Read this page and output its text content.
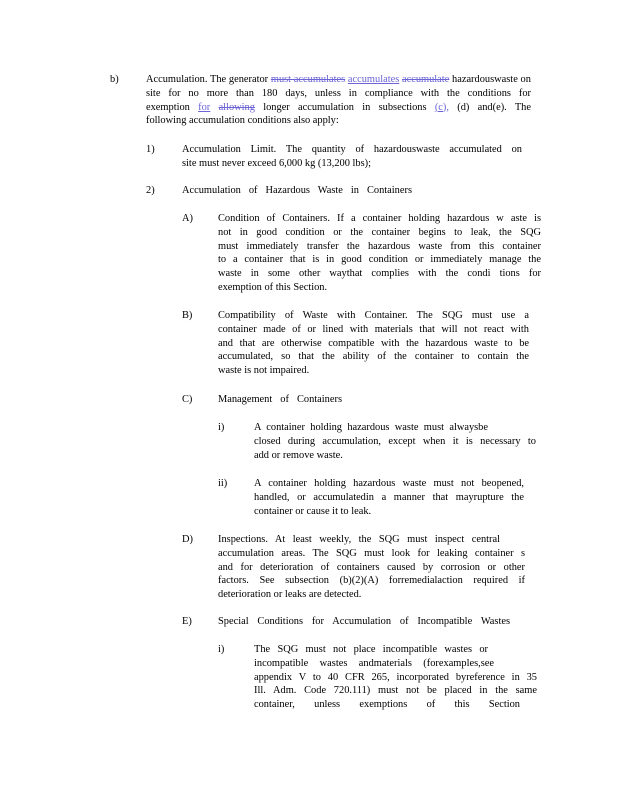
b)	Accumulation. The generator must accumulates accumulates accumulate hazardouswaste on
site for no more than 180 days, unless in compliance with the conditions for
exemption for allowing longer accumulation in subsections (c), (d) and(e). The
following accumulation conditions also apply:
1)	Accumulation Limit. The quantity of hazardouswaste accumulated on
site must never exceed 6,000 kg (13,200 lbs);
2)	Accumulation of Hazardous Waste in Containers
A) Condition of Containers. If a container holding hazardous w aste is
not in good condition or the container begins to leak, the SQG
must immediately transfer the hazardous waste from this container
to a container that is in good condition or immediately manage the
waste in some other waythat complies with the condi tions for
exemption of this Section.
B) Compatibility of Waste with Container. The SQG must use a
container made of or lined with materials that will not react with
and that are otherwise compatible with the hazardous waste to be
accumulated, so that the ability of the container to contain the
waste is not impaired.
C) Management of Containers
i)	A container holding hazardous waste must alwaysbe
closed during accumulation, except when it is necessary to
add or remove waste.
ii)	A container holding hazardous waste must not beopened,
handled, or accumulatedin a manner that mayrupture the
container or cause it to leak.
D) Inspections. At least weekly, the SQG must inspect central
accumulation areas. The SQG must look for leaking container s
and for deterioration of containers caused by corrosion or other
factors. See subsection (b)(2)(A) forremedialaction required if
deterioration or leaks are detected.
E)	Special Conditions for Accumulation of Incompatible Wastes
i)	The SQG must not place incompatible wastes or
incompatible wastes andmaterials (forexamples,see
appendix V to 40 CFR 265, incorporated byreference in 35
Ill. Adm. Code 720.111) must not be placed in the same
container, unless exemptions of this Section
